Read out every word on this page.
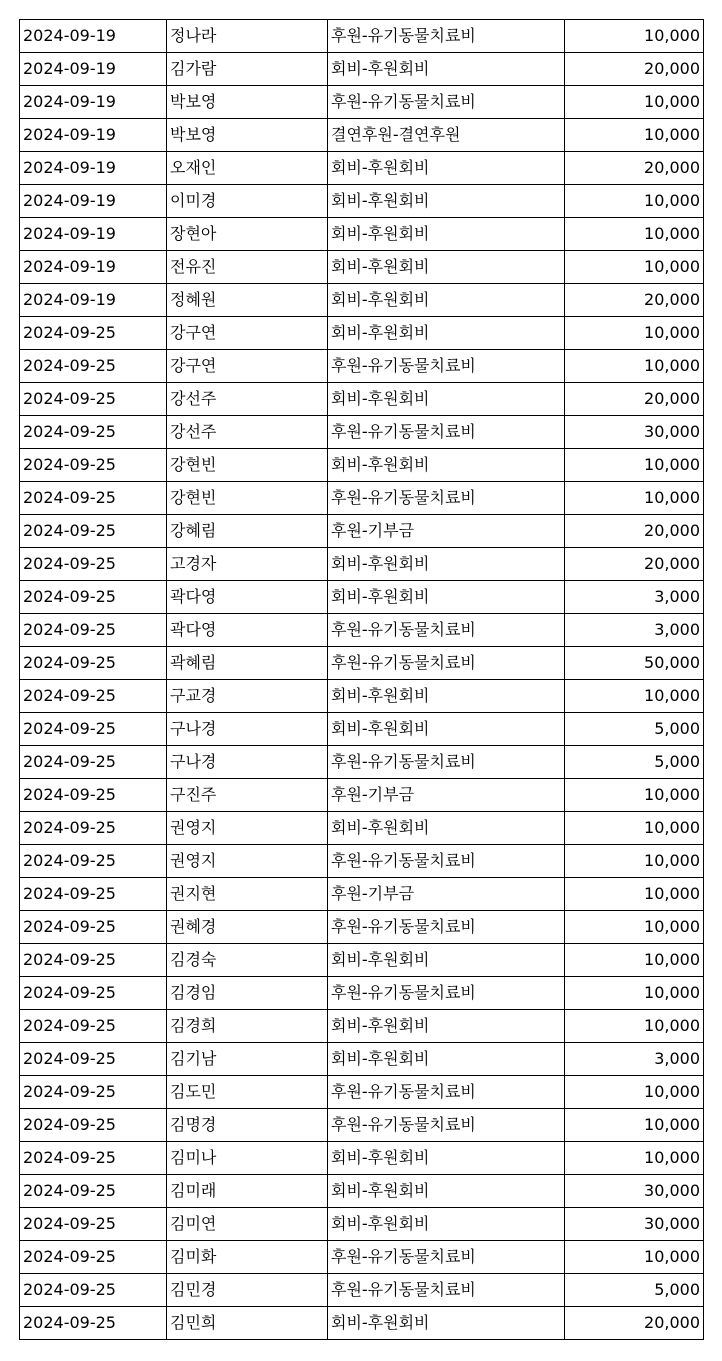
2024-09-19	정나라	후원-유기동물치료비	10,000
2024-09-19	김가람	회비-후원회비	20,000
2024-09-19	박보영	후원-유기동물치료비	10,000
2024-09-19	박보영	결연후원-결연후원	10,000
2024-09-19	오재인	회비-후원회비	20,000
2024-09-19	이미경	회비-후원회비	10,000
2024-09-19	장현아	회비-후원회비	10,000
2024-09-19	전유진	회비-후원회비	10,000
2024-09-19	정혜원	회비-후원회비	20,000
2024-09-25	강구연	회비-후원회비	10,000
2024-09-25	강구연	후원-유기동물치료비	10,000
2024-09-25	강선주	회비-후원회비	20,000
2024-09-25	강선주	후원-유기동물치료비	30,000
2024-09-25	강현빈	회비-후원회비	10,000
2024-09-25	강현빈	후원-유기동물치료비	10,000
2024-09-25	강혜림	후원-기부금	20,000
2024-09-25	고경자	회비-후원회비	20,000
2024-09-25	곽다영	회비-후원회비	3,000
2024-09-25	곽다영	후원-유기동물치료비	3,000
2024-09-25	곽혜림	후원-유기동물치료비	50,000
2024-09-25	구교경	회비-후원회비	10,000
2024-09-25	구나경	회비-후원회비	5,000
2024-09-25	구나경	후원-유기동물치료비	5,000
2024-09-25	구진주	후원-기부금	10,000
2024-09-25	권영지	회비-후원회비	10,000
2024-09-25	권영지	후원-유기동물치료비	10,000
2024-09-25	권지현	후원-기부금	10,000
2024-09-25	권혜경	후원-유기동물치료비	10,000
2024-09-25	김경숙	회비-후원회비	10,000
2024-09-25	김경임	후원-유기동물치료비	10,000
2024-09-25	김경희	회비-후원회비	10,000
2024-09-25	김기남	회비-후원회비	3,000
2024-09-25	김도민	후원-유기동물치료비	10,000
2024-09-25	김명경	후원-유기동물치료비	10,000
2024-09-25	김미나	회비-후원회비	10,000
2024-09-25	김미래	회비-후원회비	30,000
2024-09-25	김미연	회비-후원회비	30,000
2024-09-25	김미화	후원-유기동물치료비	10,000
2024-09-25	김민경	후원-유기동물치료비	5,000
2024-09-25	김민희	회비-후원회비	20,000
